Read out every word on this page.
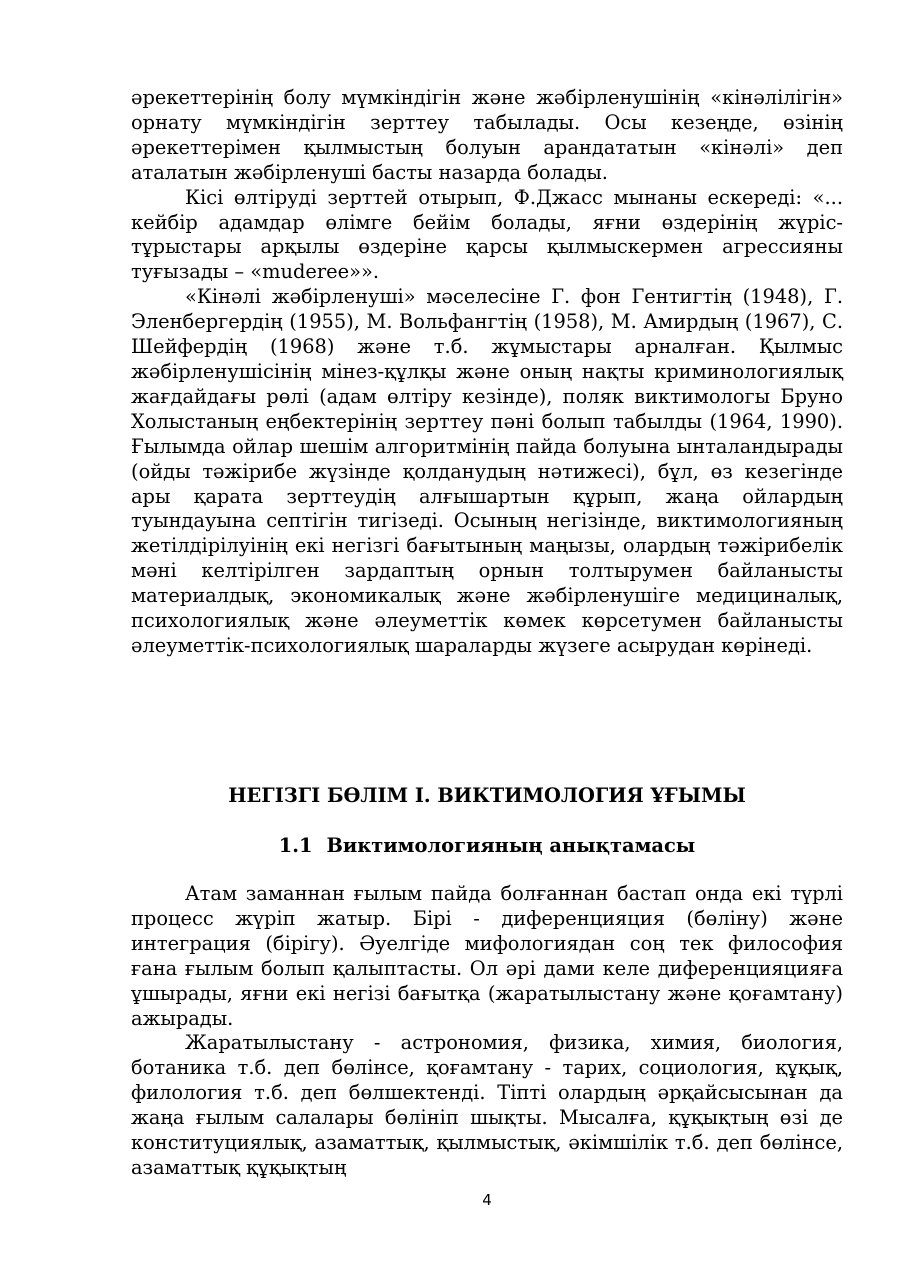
әрекеттерінің болу мүмкіндігін және жәбірленушінің «кінәлілігін» орнату мүмкіндігін зерттеу табылады. Осы кезеңде, өзінің әрекеттерімен қылмыстың болуын арандататын «кінәлі» деп аталатын жәбірленуші басты назарда болады.

Кісі өлтіруді зерттей отырып, Ф.Джасс мынаны ескереді: «... кейбір адамдар өлімге бейім болады, яғни өздерінің жүріс-тұрыстары арқылы өздеріне қарсы қылмыскермен агрессияны туғызады – «muderee»».

«Кінәлі жәбірленуші» мәселесіне Г. фон Гентигтің (1948), Г. Эленбергердің (1955), М. Вольфангтің (1958), М. Амирдың (1967), С. Шейфердің (1968) және т.б. жұмыстары арналған. Қылмыс жәбірленушісінің мінез-құлқы және оның нақты криминологиялық жағдайдағы рөлі (адам өлтіру кезінде), поляк виктимологы Бруно Холыстаның еңбектерінің зерттеу пәні болып табылды (1964, 1990). Ғылымда ойлар шешім алгоритмінің пайда болуына ынталандырады (ойды тәжірибе жүзінде қолданудың нәтижесі), бұл, өз кезегінде ары қарата зерттеудің алғышартын құрып, жаңа ойлардың туындауына септігін тигізеді. Осының негізінде, виктимологияның жетілдірілуінің екі негізгі бағытының маңызы, олардың тәжірибелік мәні келтірілген зардаптың орнын толтырумен байланысты материалдық, экономикалық және жәбірленушіге медициналық, психологиялық және әлеуметтік көмек көрсетумен байланысты әлеуметтік-психологиялық шараларды жүзеге асырудан көрінеді.

НЕГІЗГІ БӨЛІМ І. ВИКТИМОЛОГИЯ ҰҒЫМЫ
1.1 Виктимологияның анықтамасы

Атам заманнан ғылым пайда болғаннан бастап онда екі түрлі процесс жүріп жатыр. Бірі - диференцияция (бөліну) және интеграция (бірігу). Әуелгіде мифологиядан соң тек философия ғана ғылым болып қалыптасты. Ол әрі дами келе диференцияцияға ұшырады, яғни екі негізі бағытқа (жаратылыстану және қоғамтану) ажырады.

Жаратылыстану - астрономия, физика, химия, биология, ботаника т.б. деп бөлінсе, қоғамтану - тарих, социология, құқық, филология т.б. деп бөлшектенді. Тіпті олардың әрқайсысынан да жаңа ғылым салалары бөлініп шықты. Мысалға, құқықтың өзі де конституциялық, азаматтық, қылмыстық, әкімшілік т.б. деп бөлінсе, азаматтық құқықтың

4
